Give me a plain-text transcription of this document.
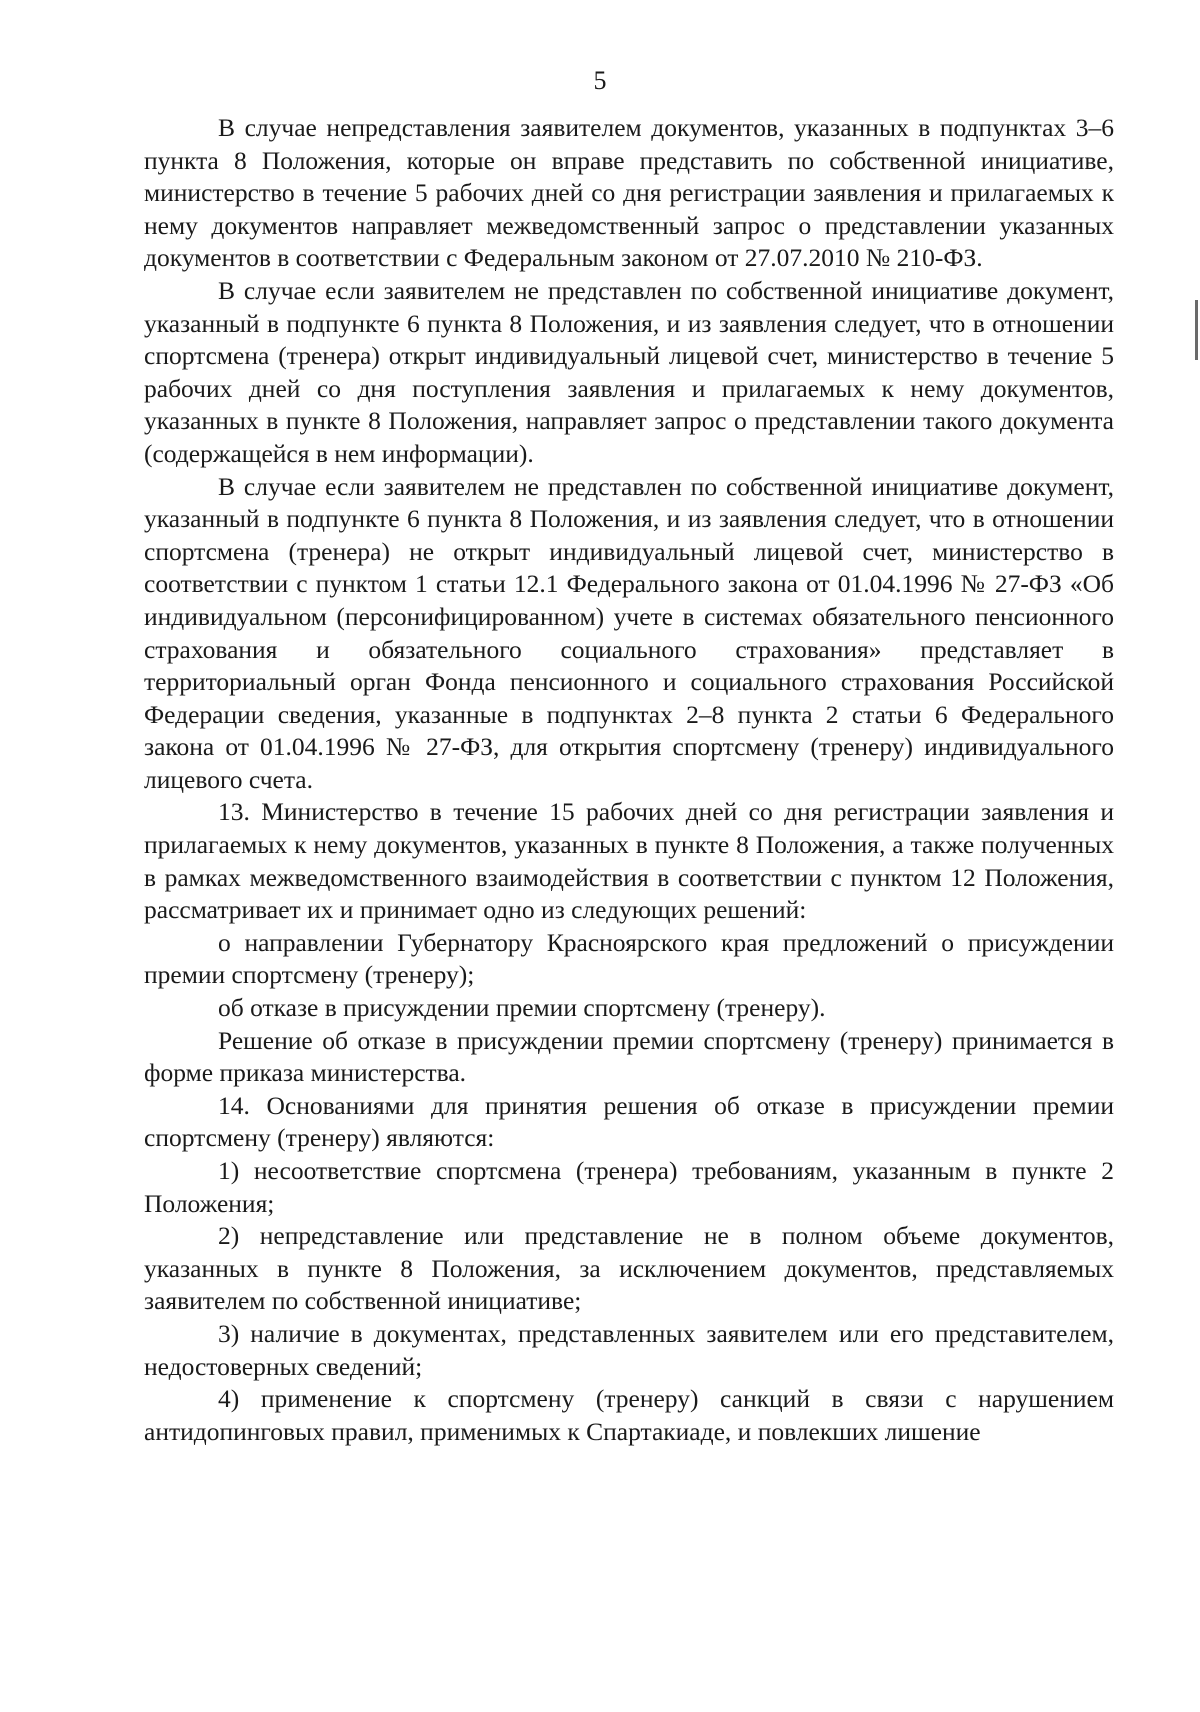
5

В случае непредставления заявителем документов, указанных в подпунктах 3–6 пункта 8 Положения, которые он вправе представить по собственной инициативе, министерство в течение 5 рабочих дней со дня регистрации заявления и прилагаемых к нему документов направляет межведомственный запрос о представлении указанных документов в соответствии с Федеральным законом от 27.07.2010 № 210-ФЗ.

В случае если заявителем не представлен по собственной инициативе документ, указанный в подпункте 6 пункта 8 Положения, и из заявления следует, что в отношении спортсмена (тренера) открыт индивидуальный лицевой счет, министерство в течение 5 рабочих дней со дня поступления заявления и прилагаемых к нему документов, указанных в пункте 8 Положения, направляет запрос о представлении такого документа (содержащейся в нем информации).

В случае если заявителем не представлен по собственной инициативе документ, указанный в подпункте 6 пункта 8 Положения, и из заявления следует, что в отношении спортсмена (тренера) не открыт индивидуальный лицевой счет, министерство в соответствии с пунктом 1 статьи 12.1 Федерального закона от 01.04.1996 № 27-ФЗ «Об индивидуальном (персонифицированном) учете в системах обязательного пенсионного страхования и обязательного социального страхования» представляет в территориальный орган Фонда пенсионного и социального страхования Российской Федерации сведения, указанные в подпунктах 2–8 пункта 2 статьи 6 Федерального закона от 01.04.1996 № 27-ФЗ, для открытия спортсмену (тренеру) индивидуального лицевого счета.

13. Министерство в течение 15 рабочих дней со дня регистрации заявления и прилагаемых к нему документов, указанных в пункте 8 Положения, а также полученных в рамках межведомственного взаимодействия в соответствии с пунктом 12 Положения, рассматривает их и принимает одно из следующих решений:

о направлении Губернатору Красноярского края предложений о присуждении премии спортсмену (тренеру);

об отказе в присуждении премии спортсмену (тренеру).

Решение об отказе в присуждении премии спортсмену (тренеру) принимается в форме приказа министерства.

14. Основаниями для принятия решения об отказе в присуждении премии спортсмену (тренеру) являются:

1) несоответствие спортсмена (тренера) требованиям, указанным в пункте 2 Положения;

2) непредставление или представление не в полном объеме документов, указанных в пункте 8 Положения, за исключением документов, представляемых заявителем по собственной инициативе;

3) наличие в документах, представленных заявителем или его представителем, недостоверных сведений;

4) применение к спортсмену (тренеру) санкций в связи с нарушением антидопинговых правил, применимых к Спартакиаде, и повлекших лишение
